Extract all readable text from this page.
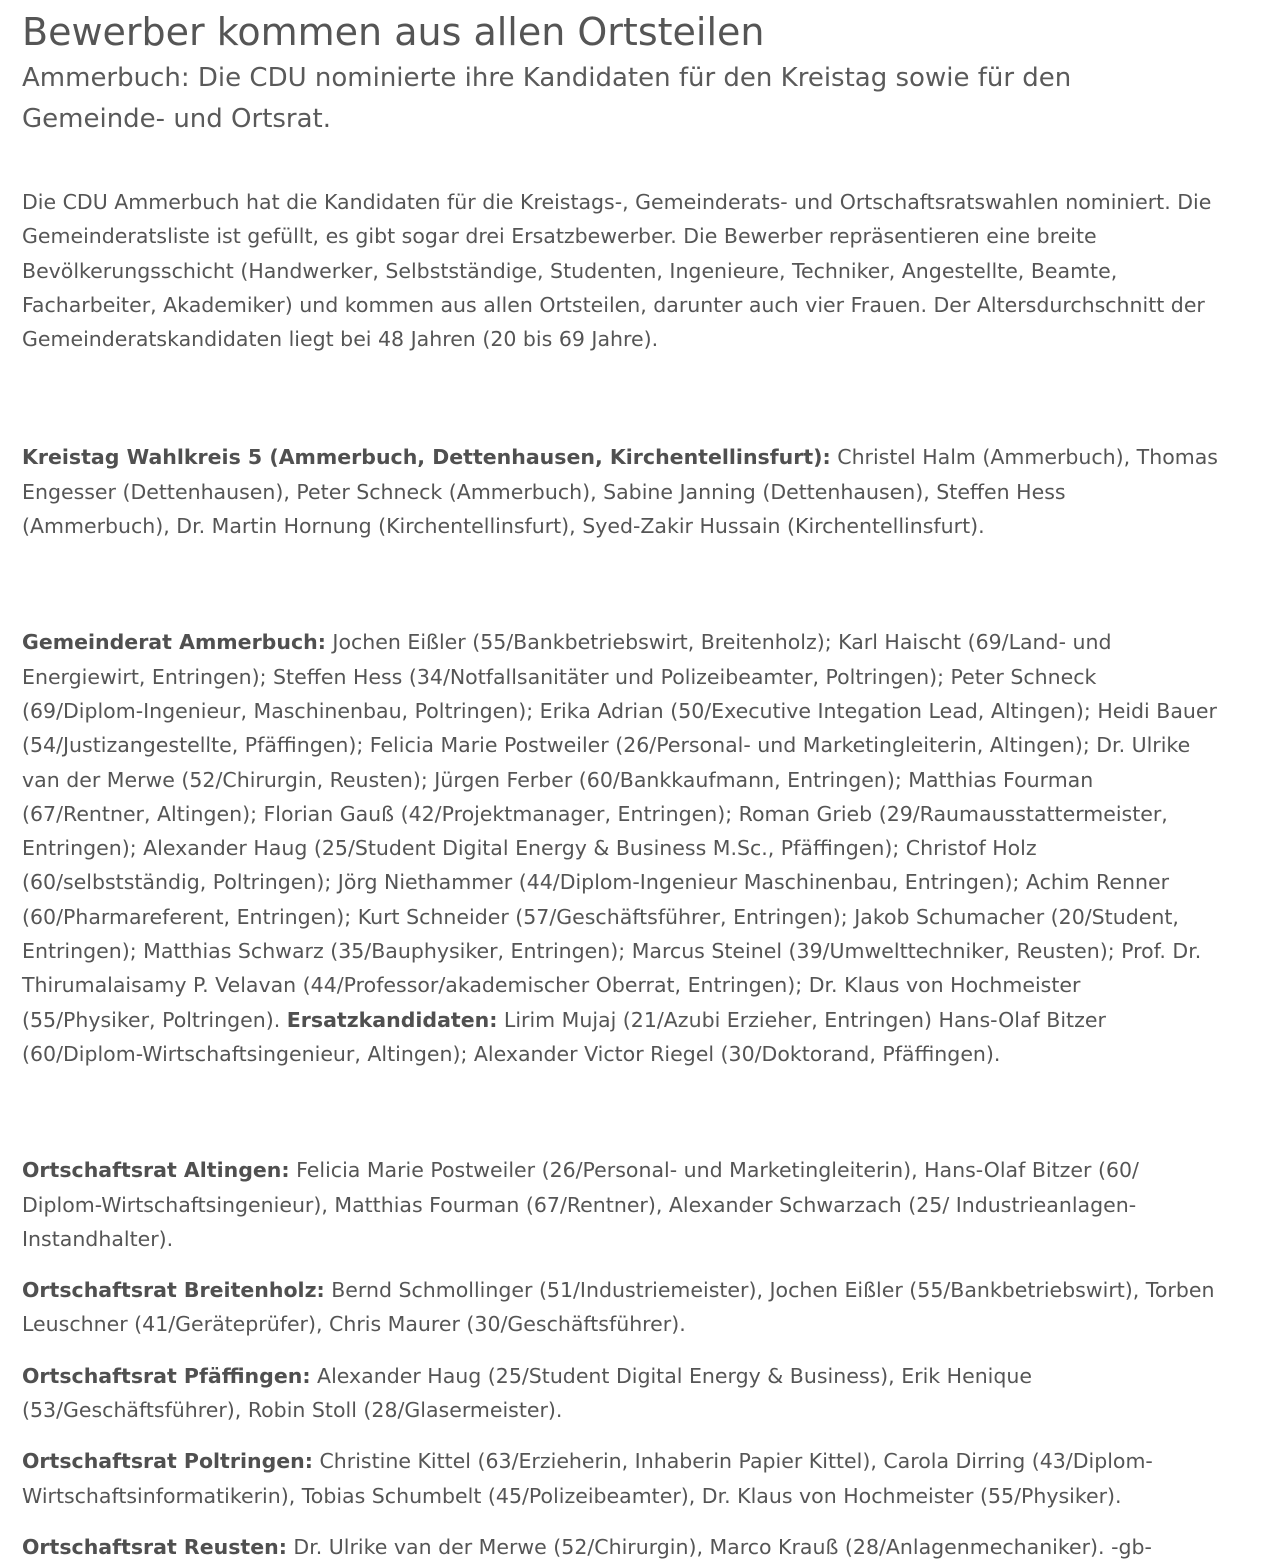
Bewerber kommen aus allen Ortsteilen

Ammerbuch: Die CDU nominierte ihre Kandidaten für den Kreistag sowie für den Gemeinde- und Ortsrat.

Die CDU Ammerbuch hat die Kandidaten für die Kreistags-, Gemeinderats- und Ortschaftsratswahlen nominiert. Die Gemeinderatsliste ist gefüllt, es gibt sogar drei Ersatzbewerber. Die Bewerber repräsentieren eine breite Bevölkerungsschicht (Handwerker, Selbstständige, Studenten, Ingenieure, Techniker, Angestellte, Beamte, Facharbeiter, Akademiker) und kommen aus allen Ortsteilen, darunter auch vier Frauen. Der Altersdurchschnitt der Gemeinderatskandidaten liegt bei 48 Jahren (20 bis 69 Jahre).

Kreistag Wahlkreis 5 (Ammerbuch, Dettenhausen, Kirchentellinsfurt): Christel Halm (Ammerbuch), Thomas Engesser (Dettenhausen), Peter Schneck (Ammerbuch), Sabine Janning (Dettenhausen), Steffen Hess (Ammerbuch), Dr. Martin Hornung (Kirchentellinsfurt), Syed-Zakir Hussain (Kirchentellinsfurt).

Gemeinderat Ammerbuch: Jochen Eißler (55/Bankbetriebswirt, Breitenholz); Karl Haischt (69/Land- und Energiewirt, Entringen); Steffen Hess (34/Notfallsanitäter und Polizeibeamter, Poltringen); Peter Schneck (69/Diplom-Ingenieur, Maschinenbau, Poltringen); Erika Adrian (50/Executive Integation Lead, Altingen); Heidi Bauer (54/Justizangestellte, Pfäffingen); Felicia Marie Postweiler (26/Personal- und Marketingleiterin, Altingen); Dr. Ulrike van der Merwe (52/Chirurgin, Reusten); Jürgen Ferber (60/Bankkaufmann, Entringen); Matthias Fourman (67/Rentner, Altingen); Florian Gauß (42/Projektmanager, Entringen); Roman Grieb (29/Raumausstattermeister, Entringen); Alexander Haug (25/Student Digital Energy & Business M.Sc., Pfäffingen); Christof Holz (60/selbstständig, Poltringen); Jörg Niethammer (44/Diplom-Ingenieur Maschinenbau, Entringen); Achim Renner (60/Pharmareferent, Entringen); Kurt Schneider (57/Geschäftsführer, Entringen); Jakob Schumacher (20/Student, Entringen); Matthias Schwarz (35/Bauphysiker, Entringen); Marcus Steinel (39/Umwelttechniker, Reusten); Prof. Dr. Thirumalaisamy P. Velavan (44/Professor/akademischer Oberrat, Entringen); Dr. Klaus von Hochmeister (55/Physiker, Poltringen). Ersatzkandidaten: Lirim Mujaj (21/Azubi Erzieher, Entringen) Hans-Olaf Bitzer (60/Diplom-Wirtschaftsingenieur, Altingen); Alexander Victor Riegel (30/Doktorand, Pfäffingen).

Ortschaftsrat Altingen: Felicia Marie Postweiler (26/Personal- und Marketingleiterin), Hans-Olaf Bitzer (60/ Diplom-Wirtschaftsingenieur), Matthias Fourman (67/Rentner), Alexander Schwarzach (25/ Industrieanlagen-Instandhalter).

Ortschaftsrat Breitenholz: Bernd Schmollinger (51/Industriemeister), Jochen Eißler (55/Bankbetriebswirt), Torben Leuschner (41/Geräteprüfer), Chris Maurer (30/Geschäftsführer).

Ortschaftsrat Pfäffingen: Alexander Haug (25/Student Digital Energy & Business), Erik Henique (53/Geschäftsführer), Robin Stoll (28/Glasermeister).

Ortschaftsrat Poltringen: Christine Kittel (63/Erzieherin, Inhaberin Papier Kittel), Carola Dirring (43/Diplom-Wirtschaftsinformatikerin), Tobias Schumbelt (45/Polizeibeamter), Dr. Klaus von Hochmeister (55/Physiker).

Ortschaftsrat Reusten: Dr. Ulrike van der Merwe (52/Chirurgin), Marco Krauß (28/Anlagenmechaniker). -gb-
